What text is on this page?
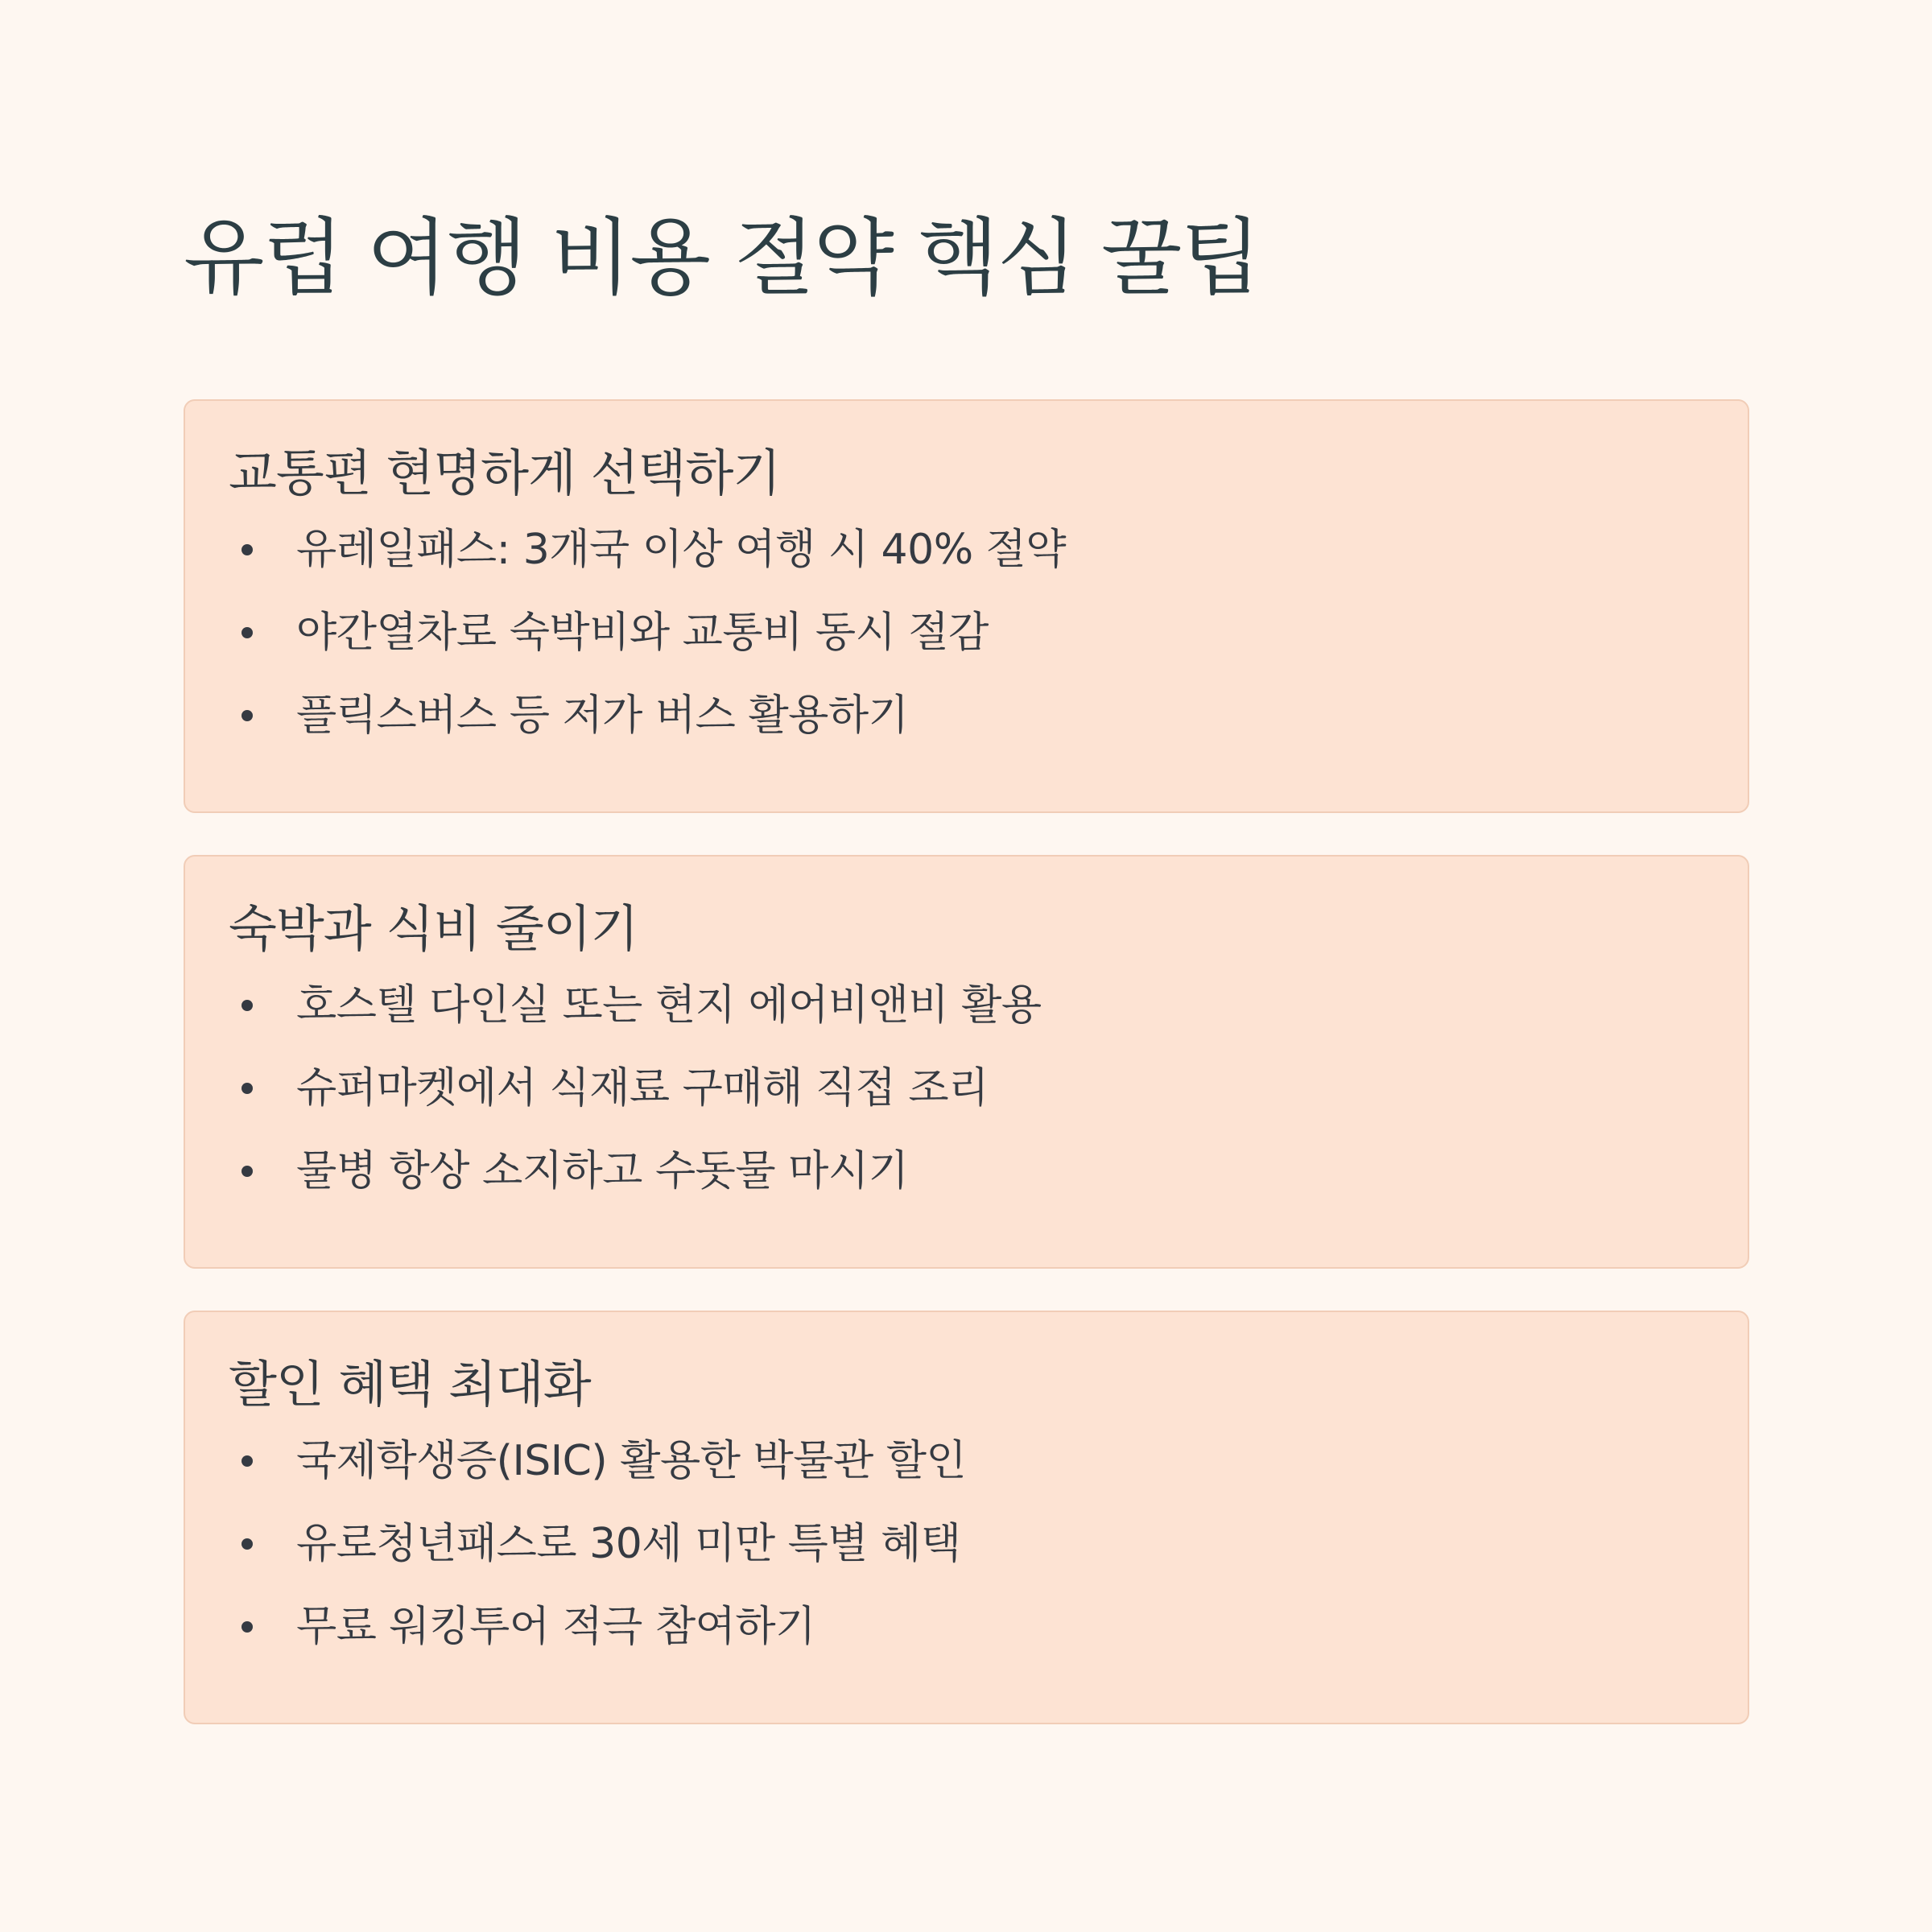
유럽 여행 비용 절약 핵심 꿀팁
교통편 현명하게 선택하기
유레일패스: 3개국 이상 여행 시 40% 절약
야간열차로 숙박비와 교통비 동시 절감
플릭스버스 등 저가 버스 활용하기
숙박과 식비 줄이기
호스텔 다인실 또는 현지 에어비앤비 활용
슈퍼마켓에서 식재료 구매해 직접 조리
물병 항상 소지하고 수돗물 마시기
할인 혜택 최대화
국제학생증(ISIC) 활용한 박물관 할인
유로청년패스로 30세 미만 특별 혜택
무료 워킹투어 적극 참여하기
